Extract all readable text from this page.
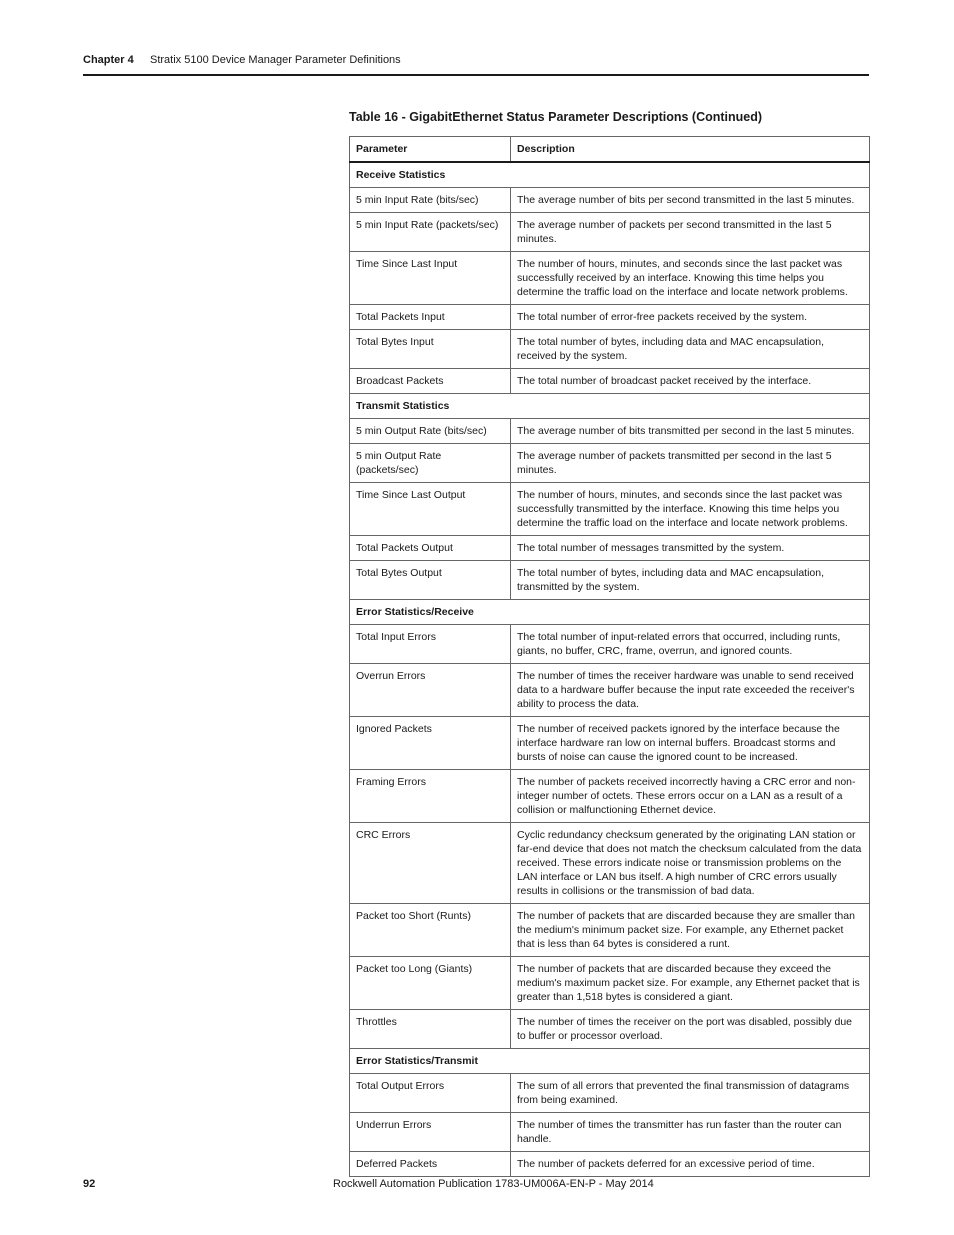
Chapter 4 Stratix 5100 Device Manager Parameter Definitions
Table 16 - GigabitEthernet Status Parameter Descriptions (Continued)
Parameter	Description
Receive Statistics	
5 min Input Rate (bits/sec)	The average number of bits per second transmitted in the last 5 minutes.
5 min Input Rate (packets/sec)	The average number of packets per second transmitted in the last 5 minutes.
Time Since Last Input	The number of hours, minutes, and seconds since the last packet was successfully received by an interface. Knowing this time helps you determine the traffic load on the interface and locate network problems.
Total Packets Input	The total number of error-free packets received by the system.
Total Bytes Input	The total number of bytes, including data and MAC encapsulation, received by the system.
Broadcast Packets	The total number of broadcast packet received by the interface.
Transmit Statistics	
5 min Output Rate (bits/sec)	The average number of bits transmitted per second in the last 5 minutes.
5 min Output Rate (packets/sec)	The average number of packets transmitted per second in the last 5 minutes.
Time Since Last Output	The number of hours, minutes, and seconds since the last packet was successfully transmitted by the interface. Knowing this time helps you determine the traffic load on the interface and locate network problems.
Total Packets Output	The total number of messages transmitted by the system.
Total Bytes Output	The total number of bytes, including data and MAC encapsulation, transmitted by the system.
Error Statistics/Receive	
Total Input Errors	The total number of input-related errors that occurred, including runts, giants, no buffer, CRC, frame, overrun, and ignored counts.
Overrun Errors	The number of times the receiver hardware was unable to send received data to a hardware buffer because the input rate exceeded the receiver's ability to process the data.
Ignored Packets	The number of received packets ignored by the interface because the interface hardware ran low on internal buffers. Broadcast storms and bursts of noise can cause the ignored count to be increased.
Framing Errors	The number of packets received incorrectly having a CRC error and non-integer number of octets. These errors occur on a LAN as a result of a collision or malfunctioning Ethernet device.
CRC Errors	Cyclic redundancy checksum generated by the originating LAN station or far-end device that does not match the checksum calculated from the data received. These errors indicate noise or transmission problems on the LAN interface or LAN bus itself. A high number of CRC errors usually results in collisions or the transmission of bad data.
Packet too Short (Runts)	The number of packets that are discarded because they are smaller than the medium's minimum packet size. For example, any Ethernet packet that is less than 64 bytes is considered a runt.
Packet too Long (Giants)	The number of packets that are discarded because they exceed the medium's maximum packet size. For example, any Ethernet packet that is greater than 1,518 bytes is considered a giant.
Throttles	The number of times the receiver on the port was disabled, possibly due to buffer or processor overload.
Error Statistics/Transmit	
Total Output Errors	The sum of all errors that prevented the final transmission of datagrams from being examined.
Underrun Errors	The number of times the transmitter has run faster than the router can handle.
Deferred Packets	The number of packets deferred for an excessive period of time.
92	Rockwell Automation Publication 1783-UM006A-EN-P - May 2014
